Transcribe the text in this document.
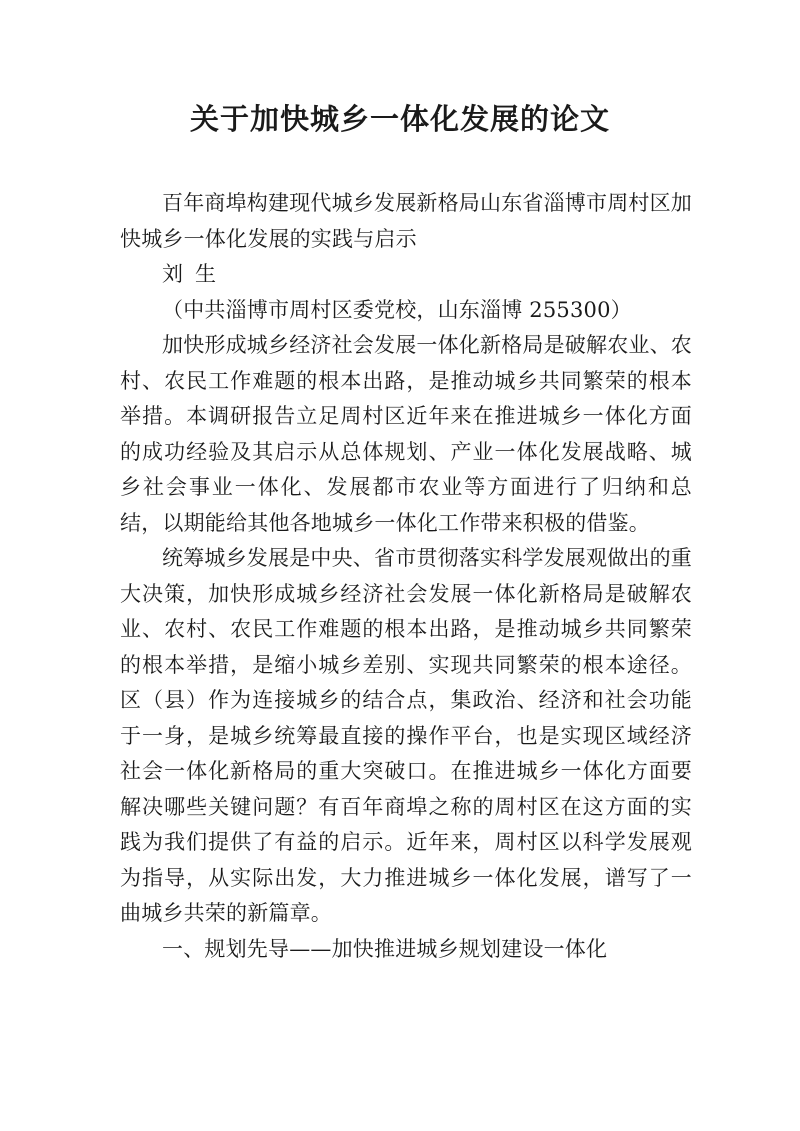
关于加快城乡一体化发展的论文

百年商埠构建现代城乡发展新格局山东省淄博市周村区加快城乡一体化发展的实践与启示

刘生

（中共淄博市周村区委党校，山东淄博 255300）

加快形成城乡经济社会发展一体化新格局是破解农业、农村、农民工作难题的根本出路，是推动城乡共同繁荣的根本举措。本调研报告立足周村区近年来在推进城乡一体化方面的成功经验及其启示从总体规划、产业一体化发展战略、城乡社会事业一体化、发展都市农业等方面进行了归纳和总结，以期能给其他各地城乡一体化工作带来积极的借鉴。

统筹城乡发展是中央、省市贯彻落实科学发展观做出的重大决策，加快形成城乡经济社会发展一体化新格局是破解农业、农村、农民工作难题的根本出路，是推动城乡共同繁荣的根本举措，是缩小城乡差别、实现共同繁荣的根本途径。区（县）作为连接城乡的结合点，集政治、经济和社会功能于一身，是城乡统筹最直接的操作平台，也是实现区域经济社会一体化新格局的重大突破口。在推进城乡一体化方面要解决哪些关键问题？有百年商埠之称的周村区在这方面的实践为我们提供了有益的启示。近年来，周村区以科学发展观为指导，从实际出发，大力推进城乡一体化发展，谱写了一曲城乡共荣的新篇章。

一、规划先导——加快推进城乡规划建设一体化
